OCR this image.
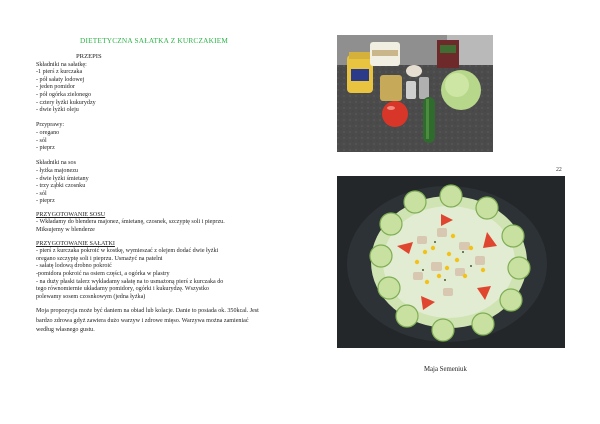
DIETETYCZNA SAŁATKA Z KURCZAKIEM
PRZEPIS
Składniki na sałatkę:
-1 pierś z kurczaka
- pół sałaty lodowej
- jeden pomidor
- pół ogórka zielonego
- cztery łyżki kukurydzy
- dwie łyżki oleju
Przyprawy:
- oregano
- sól
- pieprz
Składniki na sos
- łyżka majonezu
- dwie łyżki śmietany
- trzy ząbki czosnku
- sól
- pieprz
PRZYGOTOWANIE SOSU
- Wkładamy do blendera majonez, śmietanę, czosnek, szczyptę soli i pieprzu.
Miksujemy w blenderze
PRZYGOTOWANIE SAŁATKI
- pierś z kurczaka pokroić w kostkę, wymieszać z olejem dodać dwie łyżki
oregano szczyptę soli i pieprzu. Usmażyć na patelni
- sałatę lodową drobno pokroić
-pomidora pokroić na osiem części, a ogórka w plastry
- na duży płaski talerz wykładamy sałatę na to usmażoną pierś z kurczaka do
tego równomiernie układamy pomidory, ogórki i kukurydzę. Wszystko
polewamy sosem czosnkowym (jedna łyżka)
Moja propozycja może być daniem na obiad lub kolacje. Danie to posiada ok. 350kcal. Jest bardzo zdrowa gdyż zawiera dużo warzyw i zdrowe mięso. Warzywa można zamieniać według własnego gustu.
22
Maja Semeniuk
